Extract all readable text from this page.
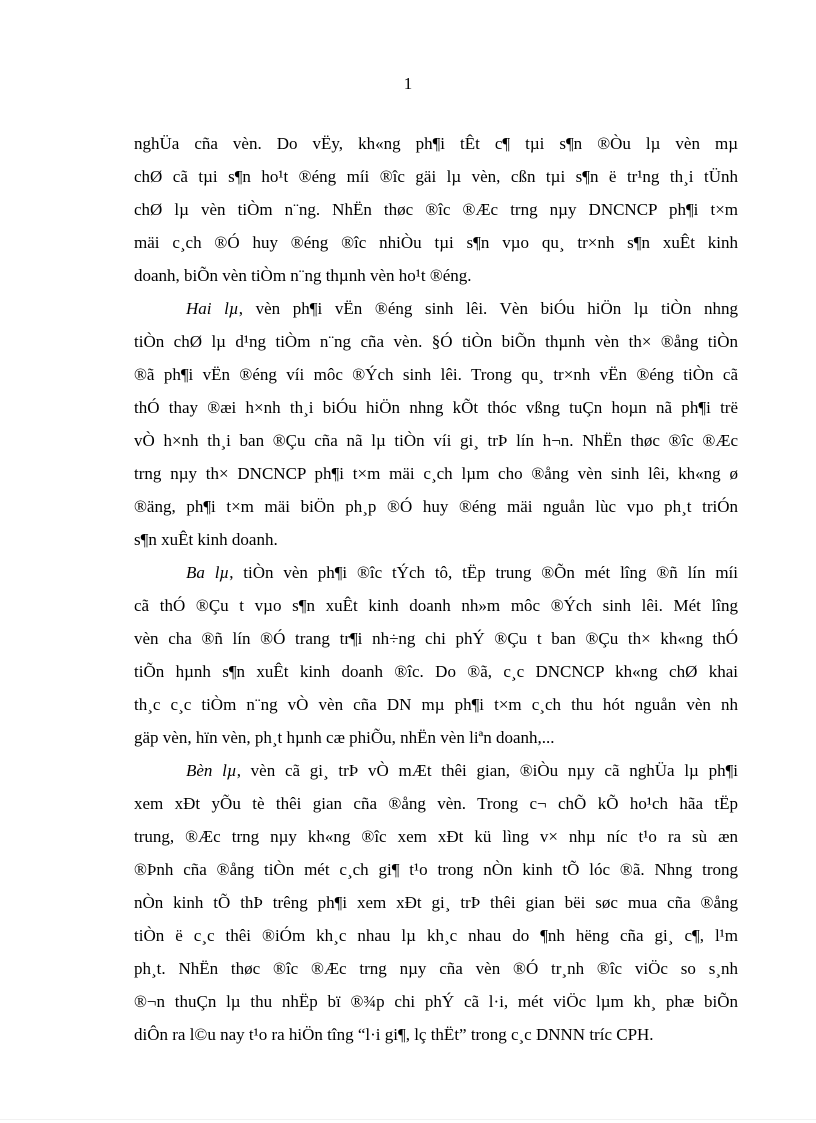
1
nghÜa cña vèn. Do vËy, kh«ng ph¶i tÊt c¶ tµi s¶n ®Òu lµ vèn mµ
chØ cã tµi s¶n ho¹t ®éng míi ®îc gäi lµ vèn, cßn tµi s¶n ë tr¹ng th¸i tÜnh
chØ lµ vèn tiÒm n¨ng. NhËn thøc ®îc ®Æc trng nµy DNCNCP ph¶i t×m
mäi c¸ch ®Ó huy ®éng ®îc nhiÒu tµi s¶n vµo qu¸ tr×nh s¶n xuÊt kinh
doanh, biÕn vèn tiÒm n¨ng thµnh vèn ho¹t ®éng.
Hai lµ, vèn ph¶i vËn ®éng sinh lêi. Vèn biÓu hiÖn lµ tiÒn nhng
tiÒn chØ lµ d¹ng tiÒm n¨ng cña vèn. §Ó tiÒn biÕn thµnh vèn th× ®ång tiÒn
®ã ph¶i vËn ®éng víi môc ®Ých sinh lêi. Trong qu¸ tr×nh vËn ®éng tiÒn cã
thÓ thay ®æi h×nh th¸i biÓu hiÖn nhng kÕt thóc vßng tuÇn hoµn nã ph¶i trë
vÒ h×nh th¸i ban ®Çu cña nã lµ tiÒn víi gi¸ trÞ lín h¬n. NhËn thøc ®îc ®Æc
trng nµy th× DNCNCP ph¶i t×m mäi c¸ch lµm cho ®ång vèn sinh lêi, kh«ng ø
®äng, ph¶i t×m mäi biÖn ph¸p ®Ó huy ®éng mäi nguån lùc vµo ph¸t triÓn
s¶n xuÊt kinh doanh.
Ba lµ, tiÒn vèn ph¶i ®îc tÝch tô, tËp trung ®Õn mét lîng ®ñ lín míi
cã thÓ ®Çu t vµo s¶n xuÊt kinh doanh nh»m môc ®Ých sinh lêi. Mét lîng
vèn cha ®ñ lín ®Ó trang tr¶i nh÷ng chi phÝ ®Çu t ban ®Çu th× kh«ng thÓ
tiÕn hµnh s¶n xuÊt kinh doanh ®îc. Do ®ã, c¸c DNCNCP kh«ng chØ khai
th¸c c¸c tiÒm n¨ng vÒ vèn cña DN mµ ph¶i t×m c¸ch thu hót nguån vèn nh
gäp vèn, hïn vèn, ph¸t hµnh cæ phiÕu, nhËn vèn liªn doanh,...
Bèn lµ, vèn cã gi¸ trÞ vÒ mÆt thêi gian, ®iÒu nµy cã nghÜa lµ ph¶i
xem xÐt yÕu tè thêi gian cña ®ång vèn. Trong c¬ chÕ kÕ ho¹ch hãa tËp
trung, ®Æc trng nµy kh«ng ®îc xem xÐt kü lìng v× nhµ níc t¹o ra sù æn
®Þnh cña ®ång tiÒn mét c¸ch gi¶ t¹o trong nÒn kinh tÕ lóc ®ã. Nhng trong
nÒn kinh tÕ thÞ trêng ph¶i xem xÐt gi¸ trÞ thêi gian bëi søc mua cña ®ång
tiÒn ë c¸c thêi ®iÓm kh¸c nhau lµ kh¸c nhau do ¶nh hëng cña gi¸ c¶, l¹m
ph¸t. NhËn thøc ®îc ®Æc trng nµy cña vèn ®Ó tr¸nh ®îc viÖc so s¸nh
®¬n thuÇn lµ thu nhËp bï ®¾p chi phÝ cã l·i, mét viÖc lµm kh¸ phæ biÕn
diÔn ra l©u nay t¹o ra hiÖn tîng “l·i gi¶, lç thËt” trong c¸c DNNN tríc CPH.
